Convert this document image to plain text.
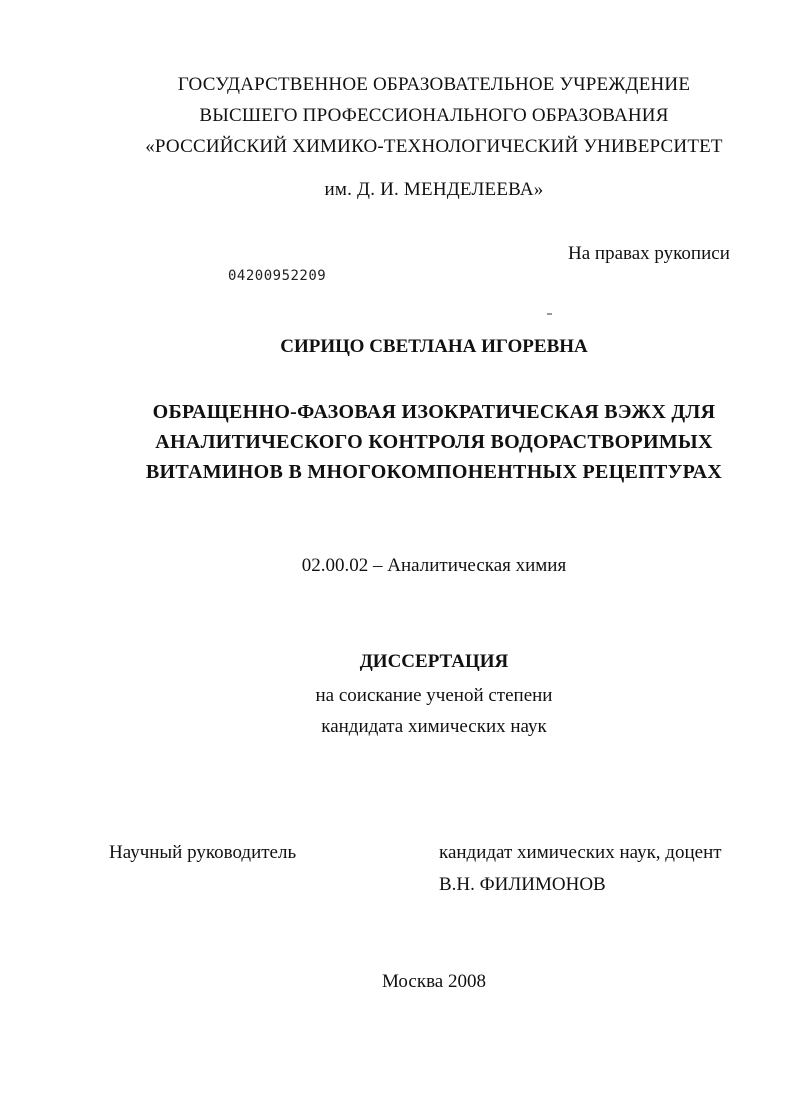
ГОСУДАРСТВЕННОЕ ОБРАЗОВАТЕЛЬНОЕ УЧРЕЖДЕНИЕ
ВЫСШЕГО ПРОФЕССИОНАЛЬНОГО ОБРАЗОВАНИЯ
«РОССИЙСКИЙ ХИМИКО-ТЕХНОЛОГИЧЕСКИЙ УНИВЕРСИТЕТ
им. Д. И. МЕНДЕЛЕЕВА»
На правах рукописи
04200952209
СИРИЦО СВЕТЛАНА ИГОРЕВНА
ОБРАЩЕННО-ФАЗОВАЯ ИЗОКРАТИЧЕСКАЯ ВЭЖХ ДЛЯ
АНАЛИТИЧЕСКОГО КОНТРОЛЯ ВОДОРАСТВОРИМЫХ
ВИТАМИНОВ В МНОГОКОМПОНЕНТНЫХ РЕЦЕПТУРАХ
02.00.02 – Аналитическая химия
ДИССЕРТАЦИЯ
на соискание ученой степени
кандидата химических наук
Научный руководитель	кандидат химических наук, доцент
В.Н. ФИЛИМОНОВ
Москва 2008
